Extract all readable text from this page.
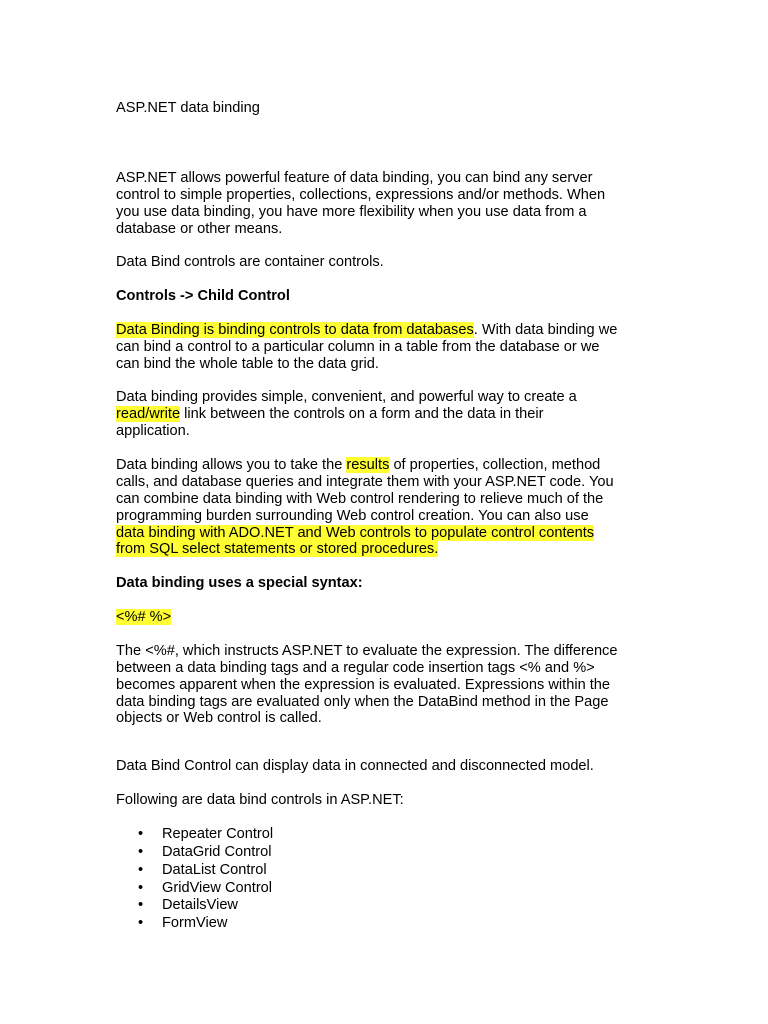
ASP.NET data binding

ASP.NET allows powerful feature of data binding, you can bind any server
control to simple properties, collections, expressions and/or methods. When
you use data binding, you have more flexibility when you use data from a
database or other means.

Data Bind controls are container controls.

Controls -> Child Control

Data Binding is binding controls to data from databases. With data binding we
can bind a control to a particular column in a table from the database or we
can bind the whole table to the data grid.

Data binding provides simple, convenient, and powerful way to create a
read/write link between the controls on a form and the data in their
application.

Data binding allows you to take the results of properties, collection, method
calls, and database queries and integrate them with your ASP.NET code. You
can combine data binding with Web control rendering to relieve much of the
programming burden surrounding Web control creation. You can also use
data binding with ADO.NET and Web controls to populate control contents
from SQL select statements or stored procedures.

Data binding uses a special syntax:

<%# %>

The <%#, which instructs ASP.NET to evaluate the expression. The difference
between a data binding tags and a regular code insertion tags <% and %>
becomes apparent when the expression is evaluated. Expressions within the
data binding tags are evaluated only when the DataBind method in the Page
objects or Web control is called.

Data Bind Control can display data in connected and disconnected model.

Following are data bind controls in ASP.NET:

• Repeater Control
• DataGrid Control
• DataList Control
• GridView Control
• DetailsView
• FormView
